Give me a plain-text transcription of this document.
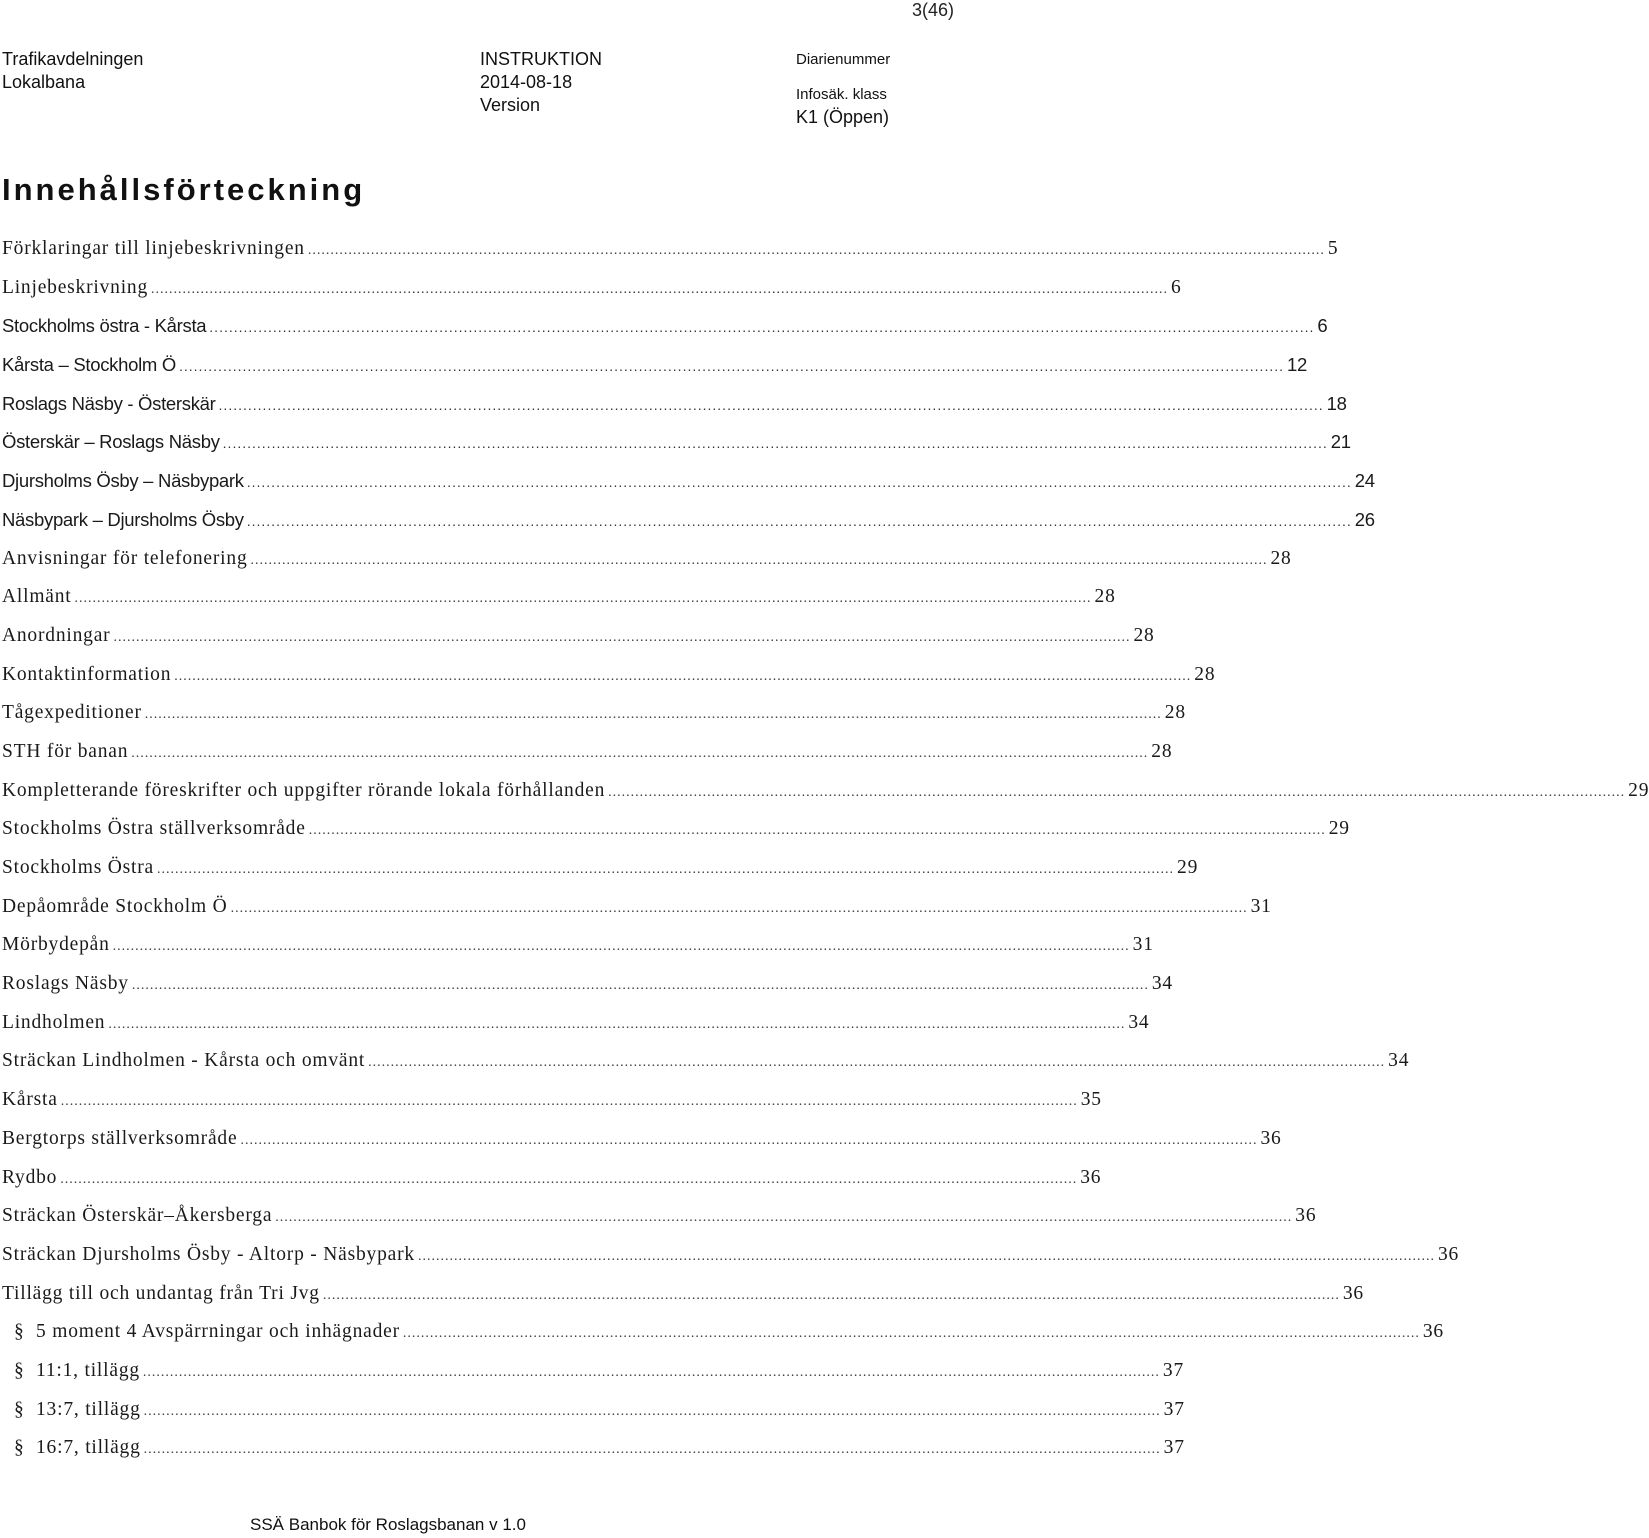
3(46)
Trafikavdelningen
Lokalbana
INSTRUKTION
2014-08-18
Version
Diarienummer
Infosäk. klass
K1 (Öppen)
Innehållsförteckning
Förklaringar till linjebeskrivningen .................................................................................................................................................................................................................................. 5
Linjebeskrivning .................................................................................................................................................................................................................................. 6
Stockholms östra - Kårsta .................................................................................................................................................................................................................................. 6
Kårsta – Stockholm Ö .................................................................................................................................................................................................................................. 12
Roslags Näsby - Österskär .................................................................................................................................................................................................................................. 18
Österskär – Roslags Näsby .................................................................................................................................................................................................................................. 21
Djursholms Ösby – Näsbypark .................................................................................................................................................................................................................................. 24
Näsbypark – Djursholms Ösby .................................................................................................................................................................................................................................. 26
Anvisningar för telefonering .................................................................................................................................................................................................................................. 28
Allmänt .................................................................................................................................................................................................................................. 28
Anordningar .................................................................................................................................................................................................................................. 28
Kontaktinformation .................................................................................................................................................................................................................................. 28
Tågexpeditioner .................................................................................................................................................................................................................................. 28
STH för banan .................................................................................................................................................................................................................................. 28
Kompletterande föreskrifter och uppgifter rörande lokala förhållanden .................................................................................................................................................................................................................................. 29
Stockholms Östra ställverksområde .................................................................................................................................................................................................................................. 29
Stockholms Östra .................................................................................................................................................................................................................................. 29
Depåområde Stockholm Ö .................................................................................................................................................................................................................................. 31
Mörbydepån .................................................................................................................................................................................................................................. 31
Roslags Näsby .................................................................................................................................................................................................................................. 34
Lindholmen .................................................................................................................................................................................................................................. 34
Sträckan Lindholmen - Kårsta och omvänt .................................................................................................................................................................................................................................. 34
Kårsta .................................................................................................................................................................................................................................. 35
Bergtorps ställverksområde .................................................................................................................................................................................................................................. 36
Rydbo .................................................................................................................................................................................................................................. 36
Sträckan Österskär–Åkersberga .................................................................................................................................................................................................................................. 36
Sträckan Djursholms Ösby - Altorp - Näsbypark .................................................................................................................................................................................................................................. 36
Tillägg till och undantag från Tri Jvg .................................................................................................................................................................................................................................. 36
§ 5 moment 4 Avspärrningar och inhägnader .................................................................................................................................................................................................................................. 36
§ 11:1, tillägg .................................................................................................................................................................................................................................. 37
§ 13:7, tillägg .................................................................................................................................................................................................................................. 37
§ 16:7, tillägg .................................................................................................................................................................................................................................. 37
SSÄ Banbok för Roslagsbanan v 1.0
